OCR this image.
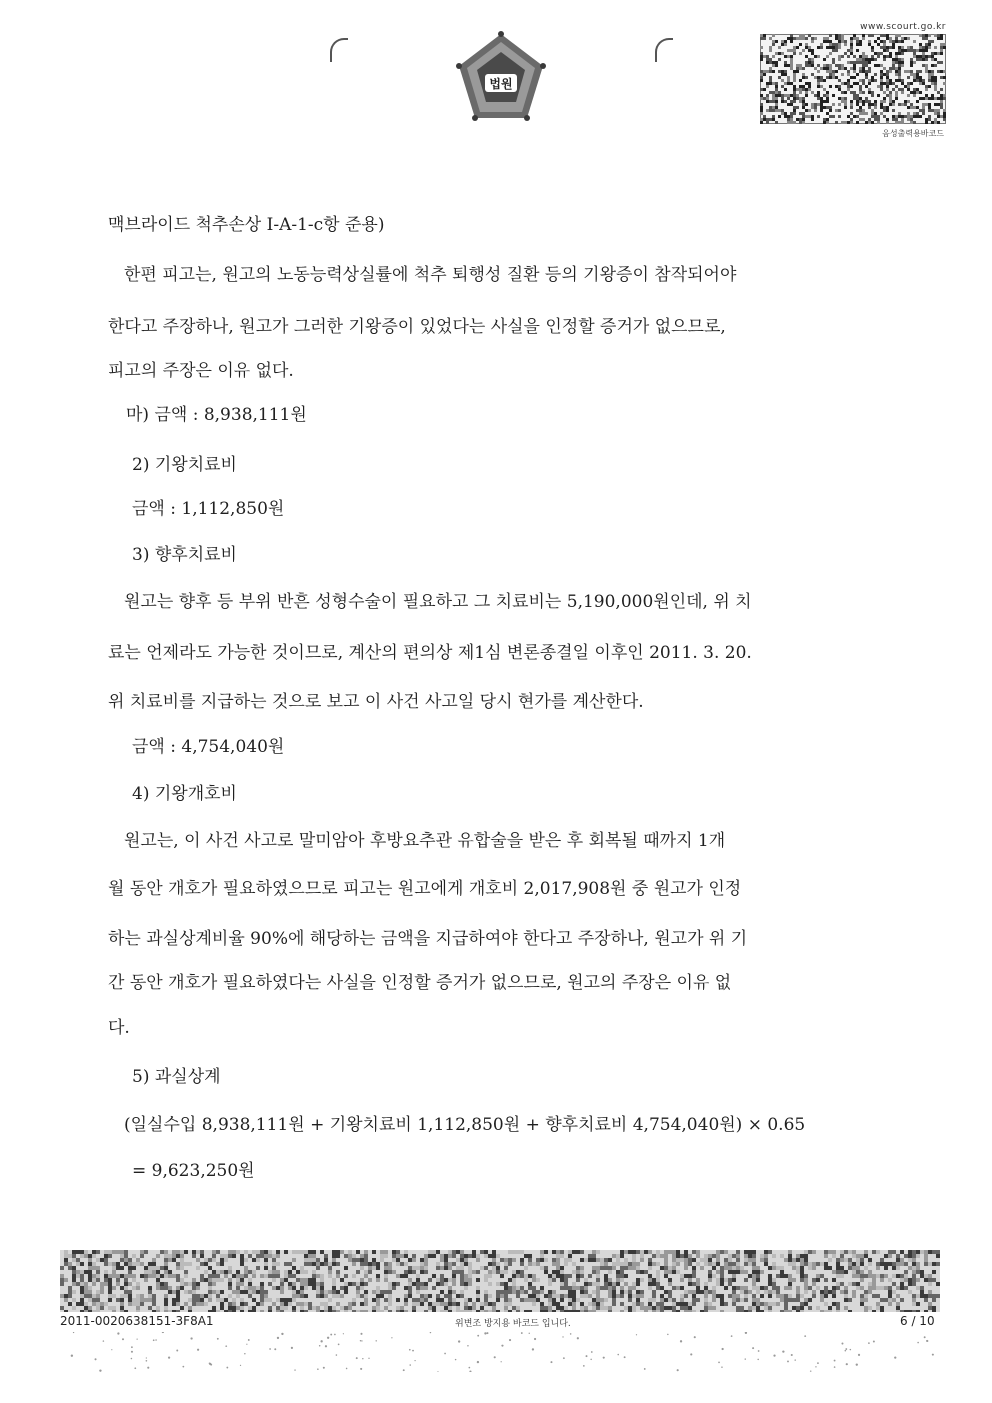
법원
www.scourt.go.kr
음성출력용바코드
맥브라이드 척추손상 I-A-1-c항 준용)
한편 피고는, 원고의 노동능력상실률에 척추 퇴행성 질환 등의 기왕증이 참작되어야
한다고 주장하나, 원고가 그러한 기왕증이 있었다는 사실을 인정할 증거가 없으므로,
피고의 주장은 이유 없다.
마) 금액 : 8,938,111원
2) 기왕치료비
금액 : 1,112,850원
3) 향후치료비
원고는 향후 등 부위 반흔 성형수술이 필요하고 그 치료비는 5,190,000원인데, 위 치
료는 언제라도 가능한 것이므로, 계산의 편의상 제1심 변론종결일 이후인 2011. 3. 20.
위 치료비를 지급하는 것으로 보고 이 사건 사고일 당시 현가를 계산한다.
금액 : 4,754,040원
4) 기왕개호비
원고는, 이 사건 사고로 말미암아 후방요추관 유합술을 받은 후 회복될 때까지 1개
월 동안 개호가 필요하였으므로 피고는 원고에게 개호비 2,017,908원 중 원고가 인정
하는 과실상계비율 90%에 해당하는 금액을 지급하여야 한다고 주장하나, 원고가 위 기
간 동안 개호가 필요하였다는 사실을 인정할 증거가 없으므로, 원고의 주장은 이유 없
다.
5) 과실상계
(일실수입 8,938,111원 + 기왕치료비 1,112,850원 + 향후치료비 4,754,040원) × 0.65
= 9,623,250원
2011-0020638151-3F8A1	위변조 방지용 바코드 입니다.	6 / 10
